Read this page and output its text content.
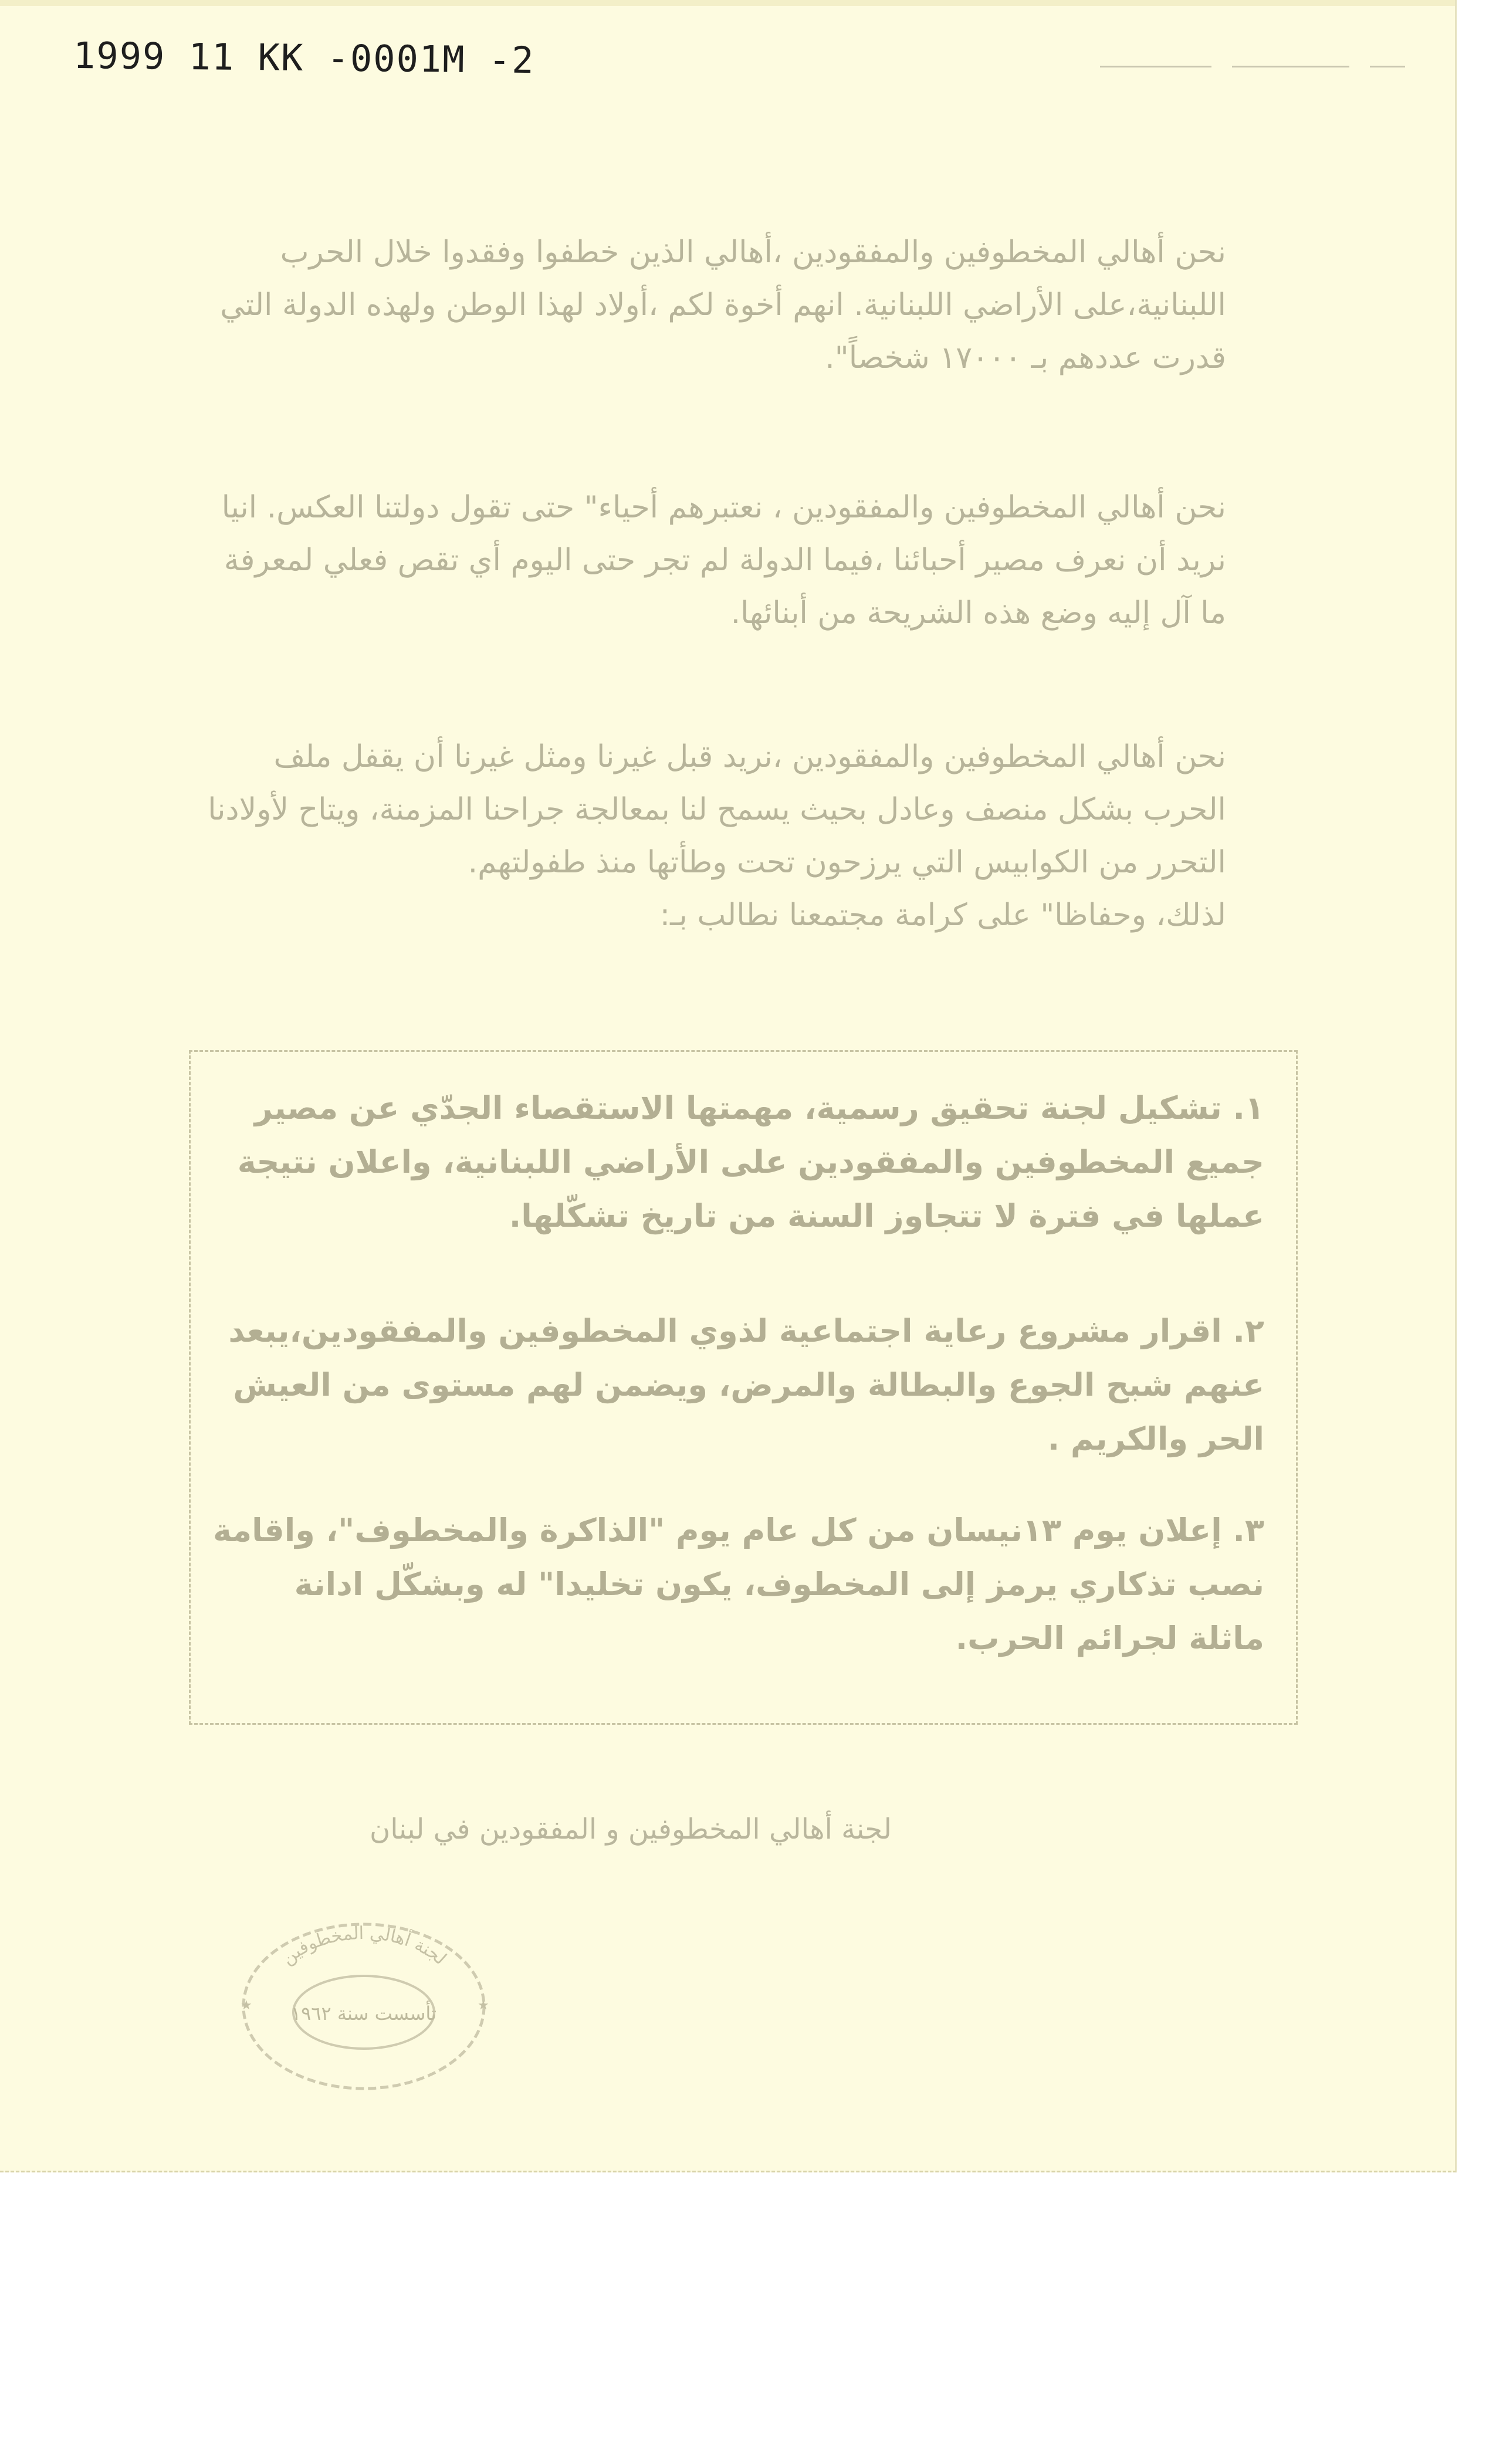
1999 11 KK -0001M -2

نحن أهالي المخطوفين والمفقودين ،أهالي الذين خطفوا وفقدوا خلال الحرب اللبنانية،على الأراضي اللبنانية. انهم أخوة لكم ،أولاد لهذا الوطن ولهذه الدولة التي قدرت عددهم بـ ١٧٠٠٠ شخصاً".

نحن أهالي المخطوفين والمفقودين ، نعتبرهم أحياء" حتى تقول دولتنا العكس. انيا نريد أن نعرف مصير أحبائنا ،فيما الدولة لم تجر حتى اليوم أي تقص فعلي لمعرفة ما آل إليه وضع هذه الشريحة من أبنائها.

نحن أهالي المخطوفين والمفقودين ،نريد قبل غيرنا ومثل غيرنا أن يقفل ملف الحرب بشكل منصف وعادل بحيث يسمح لنا بمعالجة جراحنا المزمنة، ويتاح لأولادنا التحرر من الكوابيس التي يرزحون تحت وطأتها منذ طفولتهم.
لذلك، وحفاظا" على كرامة مجتمعنا نطالب بـ:

١. تشكيل لجنة تحقيق رسمية، مهمتها الاستقصاء الجدّي عن مصير جميع المخطوفين والمفقودين على الأراضي اللبنانية، واعلان نتيجة عملها في فترة لا تتجاوز السنة من تاريخ تشكّلها.

٢. اقرار مشروع رعاية اجتماعية لذوي المخطوفين والمفقودين،يبعد عنهم شبح الجوع والبطالة والمرض، ويضمن لهم مستوى من العيش الحر والكريم .

٣. إعلان يوم ١٣نيسان من كل عام يوم "الذاكرة والمخطوف"، واقامة نصب تذكاري يرمز إلى المخطوف، يكون تخليدا" له وبشكّل ادانة ماثلة لجرائم الحرب.

لجنة أهالي المخطوفين و المفقودين في لبنان
لجنة أهالي المخطوفين
تأسست سنة ١٩٦٢
★	★
